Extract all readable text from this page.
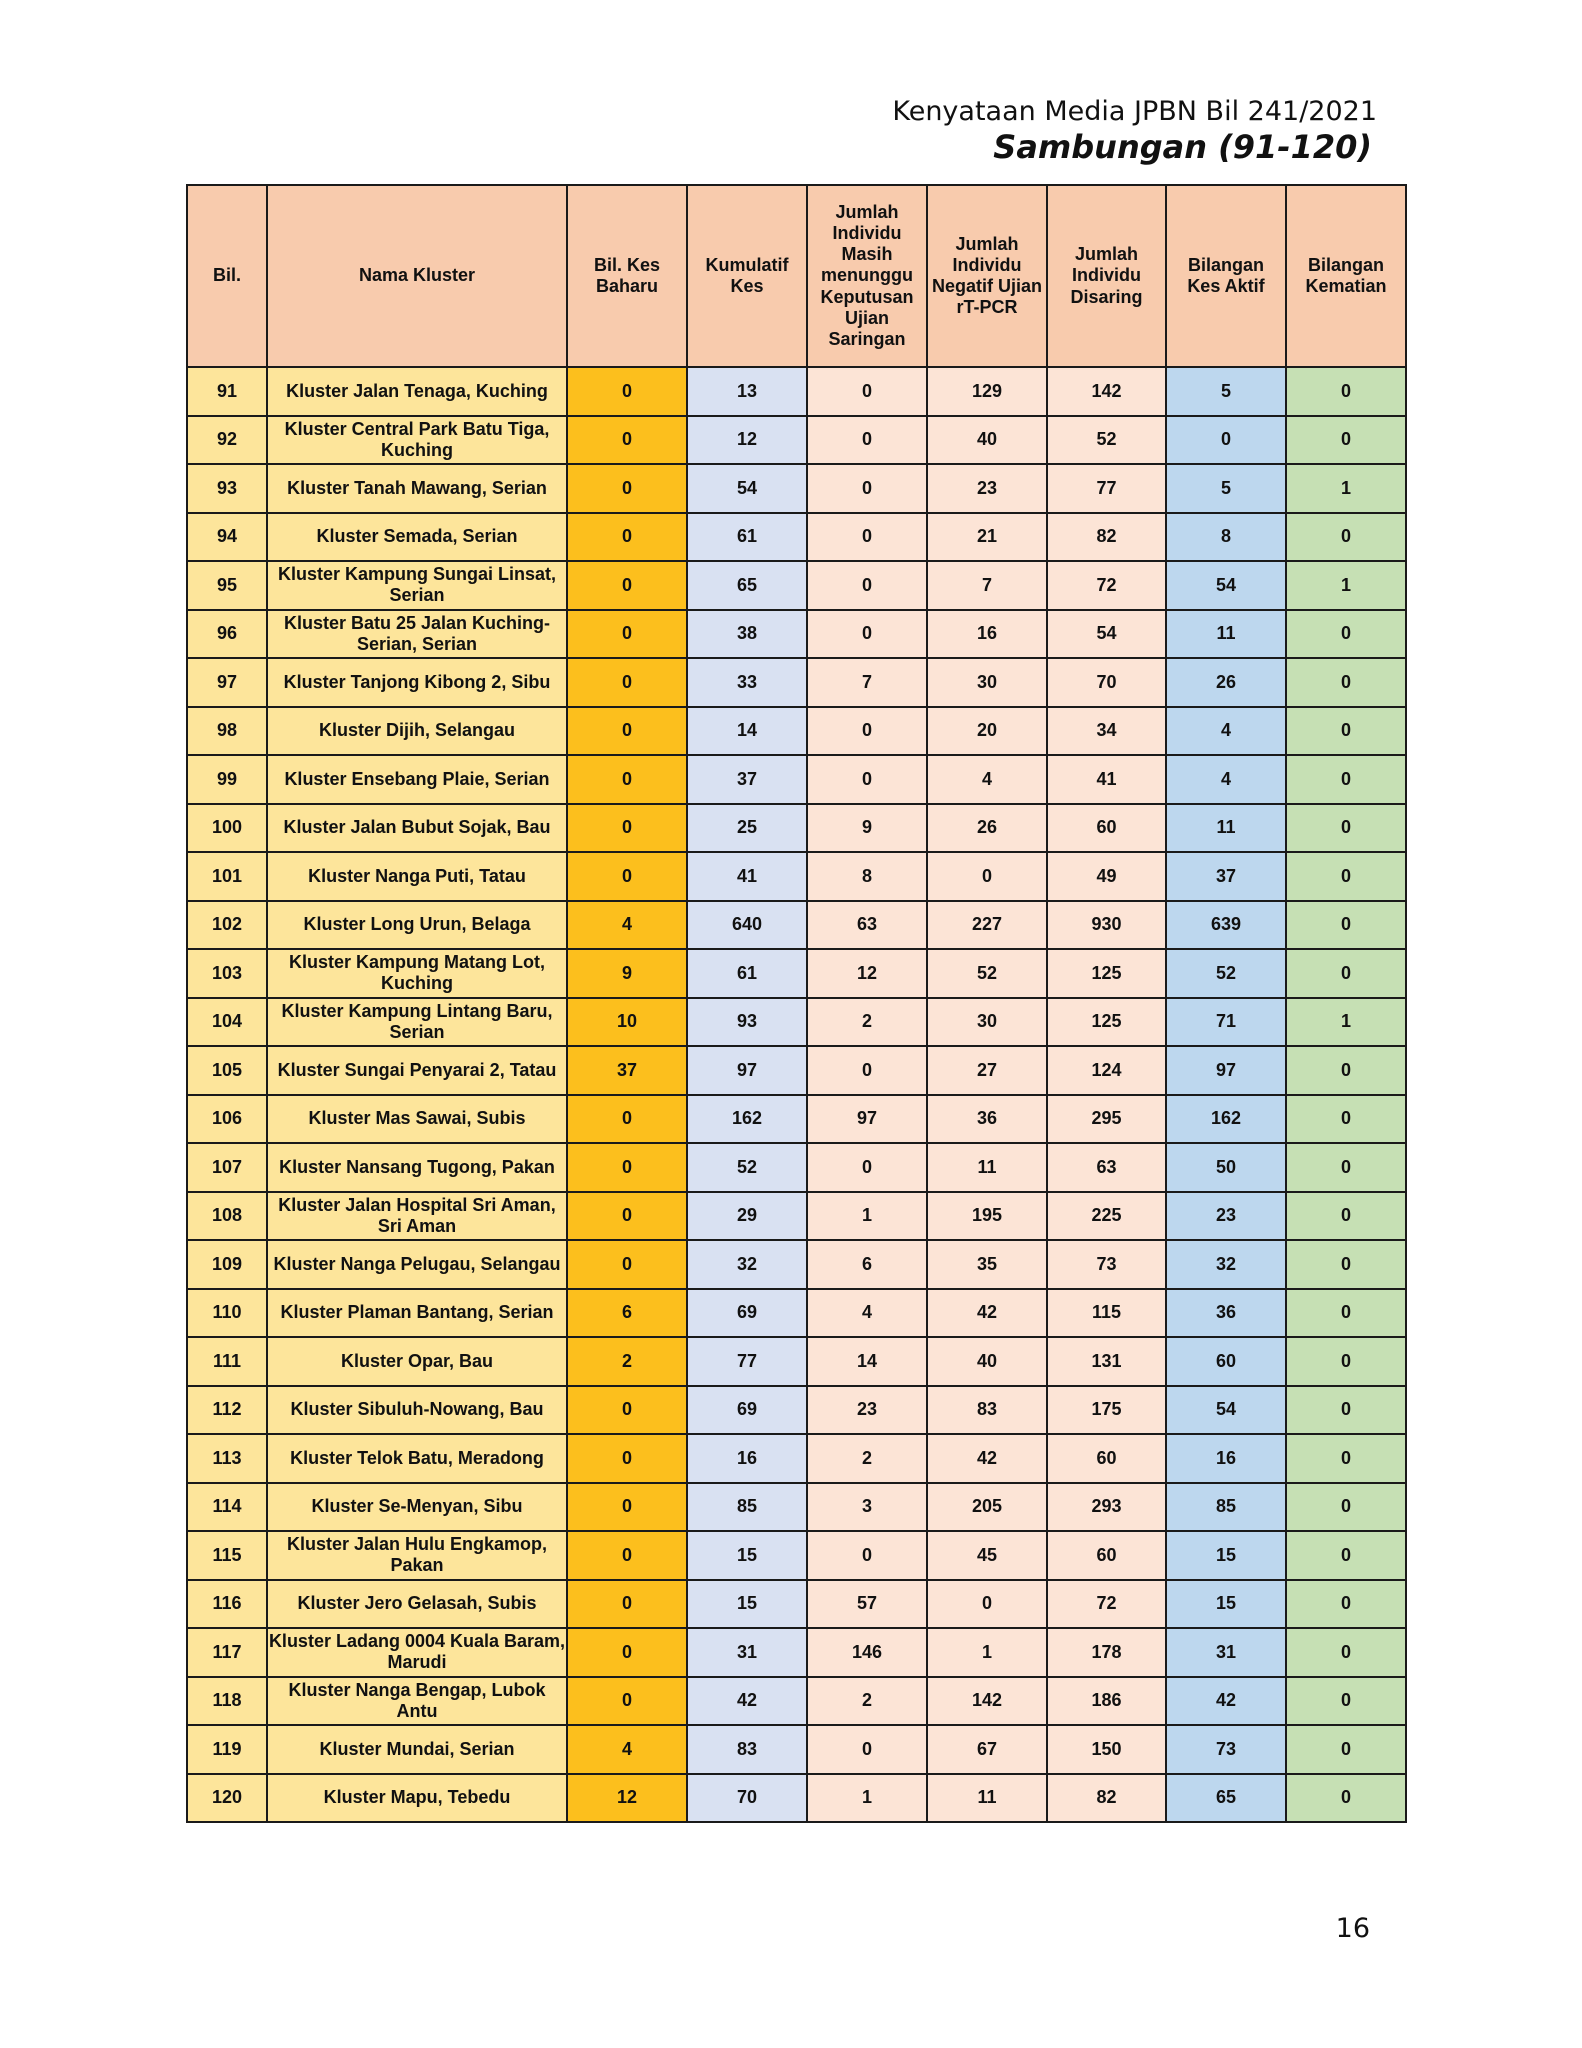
Kenyataan Media JPBN Bil 241/2021
Sambungan (91-120)
Bil.	Nama Kluster	Bil. Kes Baharu	Kumulatif Kes	Jumlah Individu Masih menunggu Keputusan Ujian Saringan	Jumlah Individu Negatif Ujian rT-PCR	Jumlah Individu Disaring	Bilangan Kes Aktif	Bilangan Kematian
91	Kluster Jalan Tenaga, Kuching	0	13	0	129	142	5	0
92	Kluster Central Park Batu Tiga, Kuching	0	12	0	40	52	0	0
93	Kluster Tanah Mawang, Serian	0	54	0	23	77	5	1
94	Kluster Semada, Serian	0	61	0	21	82	8	0
95	Kluster Kampung Sungai Linsat, Serian	0	65	0	7	72	54	1
96	Kluster Batu 25 Jalan Kuching-Serian, Serian	0	38	0	16	54	11	0
97	Kluster Tanjong Kibong 2, Sibu	0	33	7	30	70	26	0
98	Kluster Dijih, Selangau	0	14	0	20	34	4	0
99	Kluster Ensebang Plaie, Serian	0	37	0	4	41	4	0
100	Kluster Jalan Bubut Sojak, Bau	0	25	9	26	60	11	0
101	Kluster Nanga Puti, Tatau	0	41	8	0	49	37	0
102	Kluster Long Urun, Belaga	4	640	63	227	930	639	0
103	Kluster Kampung Matang Lot, Kuching	9	61	12	52	125	52	0
104	Kluster Kampung Lintang Baru, Serian	10	93	2	30	125	71	1
105	Kluster Sungai Penyarai 2, Tatau	37	97	0	27	124	97	0
106	Kluster Mas Sawai, Subis	0	162	97	36	295	162	0
107	Kluster Nansang Tugong, Pakan	0	52	0	11	63	50	0
108	Kluster Jalan Hospital Sri Aman, Sri Aman	0	29	1	195	225	23	0
109	Kluster Nanga Pelugau, Selangau	0	32	6	35	73	32	0
110	Kluster Plaman Bantang, Serian	6	69	4	42	115	36	0
111	Kluster Opar, Bau	2	77	14	40	131	60	0
112	Kluster Sibuluh-Nowang, Bau	0	69	23	83	175	54	0
113	Kluster Telok Batu, Meradong	0	16	2	42	60	16	0
114	Kluster Se-Menyan, Sibu	0	85	3	205	293	85	0
115	Kluster Jalan Hulu Engkamop, Pakan	0	15	0	45	60	15	0
116	Kluster Jero Gelasah, Subis	0	15	57	0	72	15	0
117	Kluster Ladang 0004 Kuala Baram, Marudi	0	31	146	1	178	31	0
118	Kluster Nanga Bengap, Lubok Antu	0	42	2	142	186	42	0
119	Kluster Mundai, Serian	4	83	0	67	150	73	0
120	Kluster Mapu, Tebedu	12	70	1	11	82	65	0
16
